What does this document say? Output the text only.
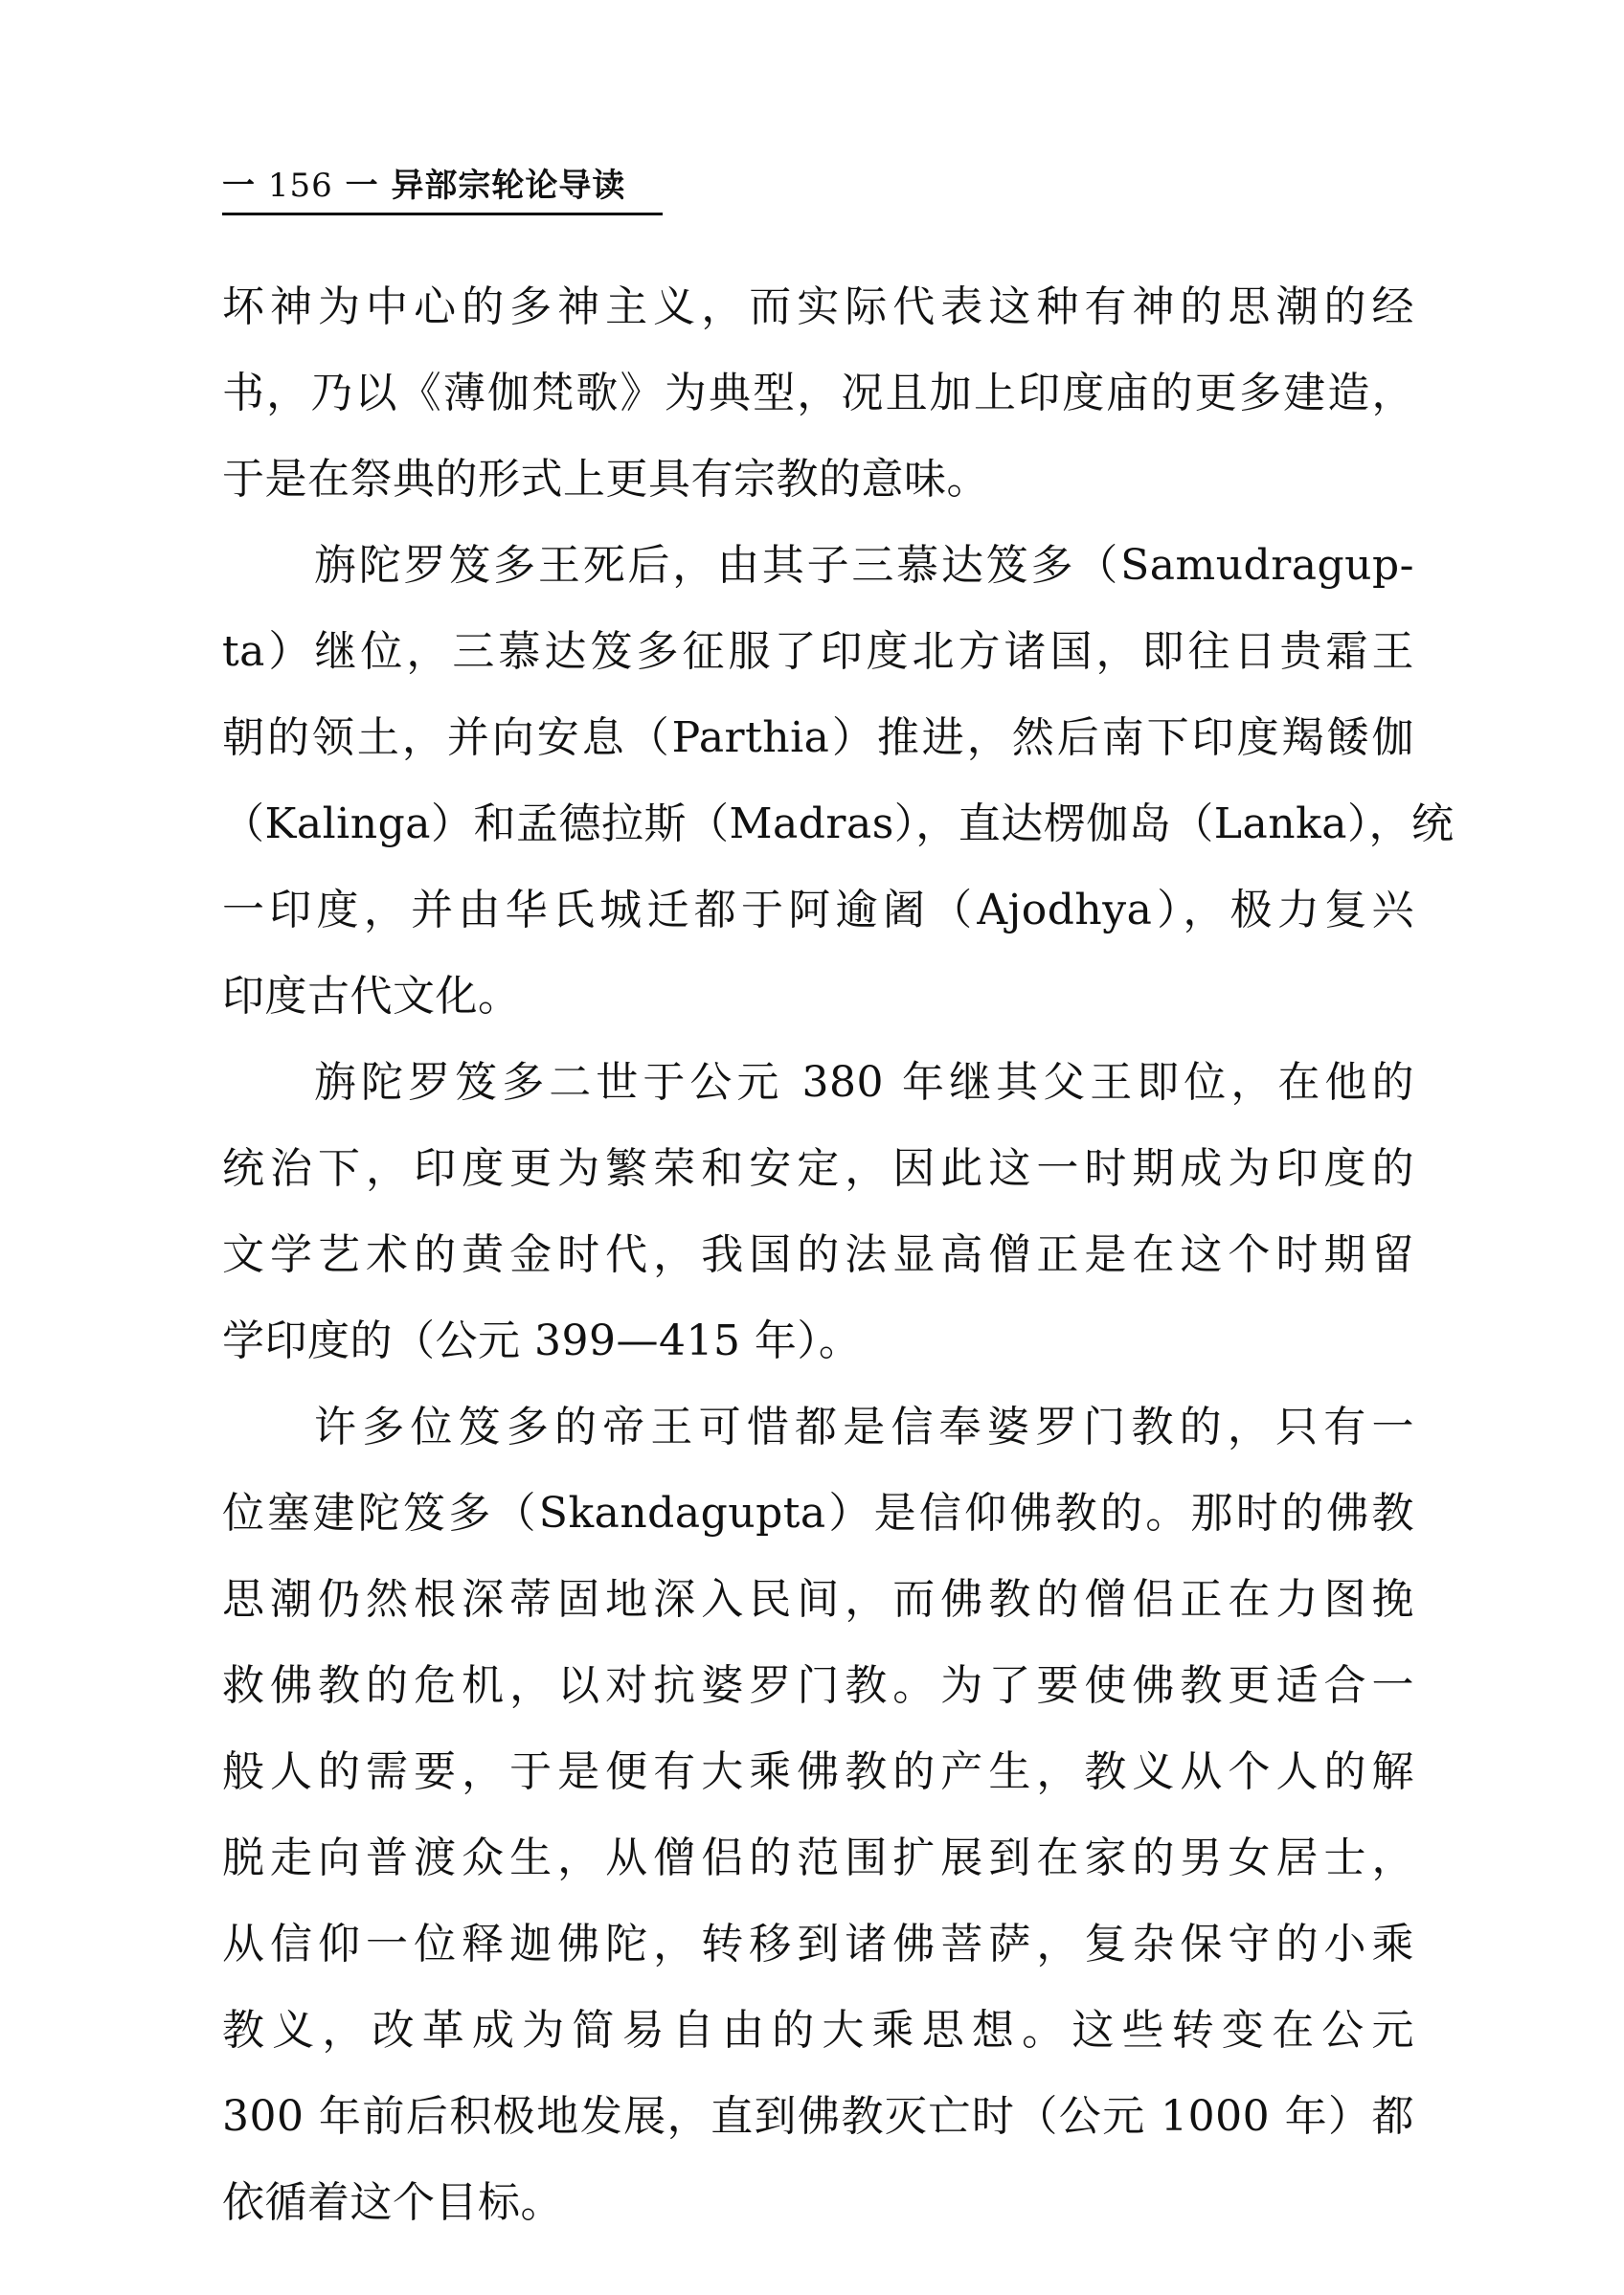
一 156 一 异部宗轮论导读
坏神为中心的多神主义，而实际代表这种有神的思潮的经
书，乃以《薄伽梵歌》为典型，况且加上印度庙的更多建造，
于是在祭典的形式上更具有宗教的意味。
旃陀罗笈多王死后，由其子三慕达笈多（Samudragup-
ta）继位，三慕达笈多征服了印度北方诸国，即往日贵霜王
朝的领土，并向安息（Parthia）推进，然后南下印度羯餧伽
（Kalinga）和孟德拉斯（Madras），直达楞伽岛（Lanka），统
一印度，并由华氏城迁都于阿逾阇（Ajodhya），极力复兴
印度古代文化。
旃陀罗笈多二世于公元 380 年继其父王即位，在他的
统治下，印度更为繁荣和安定，因此这一时期成为印度的
文学艺术的黄金时代，我国的法显高僧正是在这个时期留
学印度的（公元 399—415 年）。
许多位笈多的帝王可惜都是信奉婆罗门教的，只有一
位塞建陀笈多（Skandagupta）是信仰佛教的。那时的佛教
思潮仍然根深蒂固地深入民间，而佛教的僧侣正在力图挽
救佛教的危机，以对抗婆罗门教。为了要使佛教更适合一
般人的需要，于是便有大乘佛教的产生，教义从个人的解
脱走向普渡众生，从僧侣的范围扩展到在家的男女居士，
从信仰一位释迦佛陀，转移到诸佛菩萨，复杂保守的小乘
教义，改革成为简易自由的大乘思想。这些转变在公元
300 年前后积极地发展，直到佛教灭亡时（公元 1000 年）都
依循着这个目标。
